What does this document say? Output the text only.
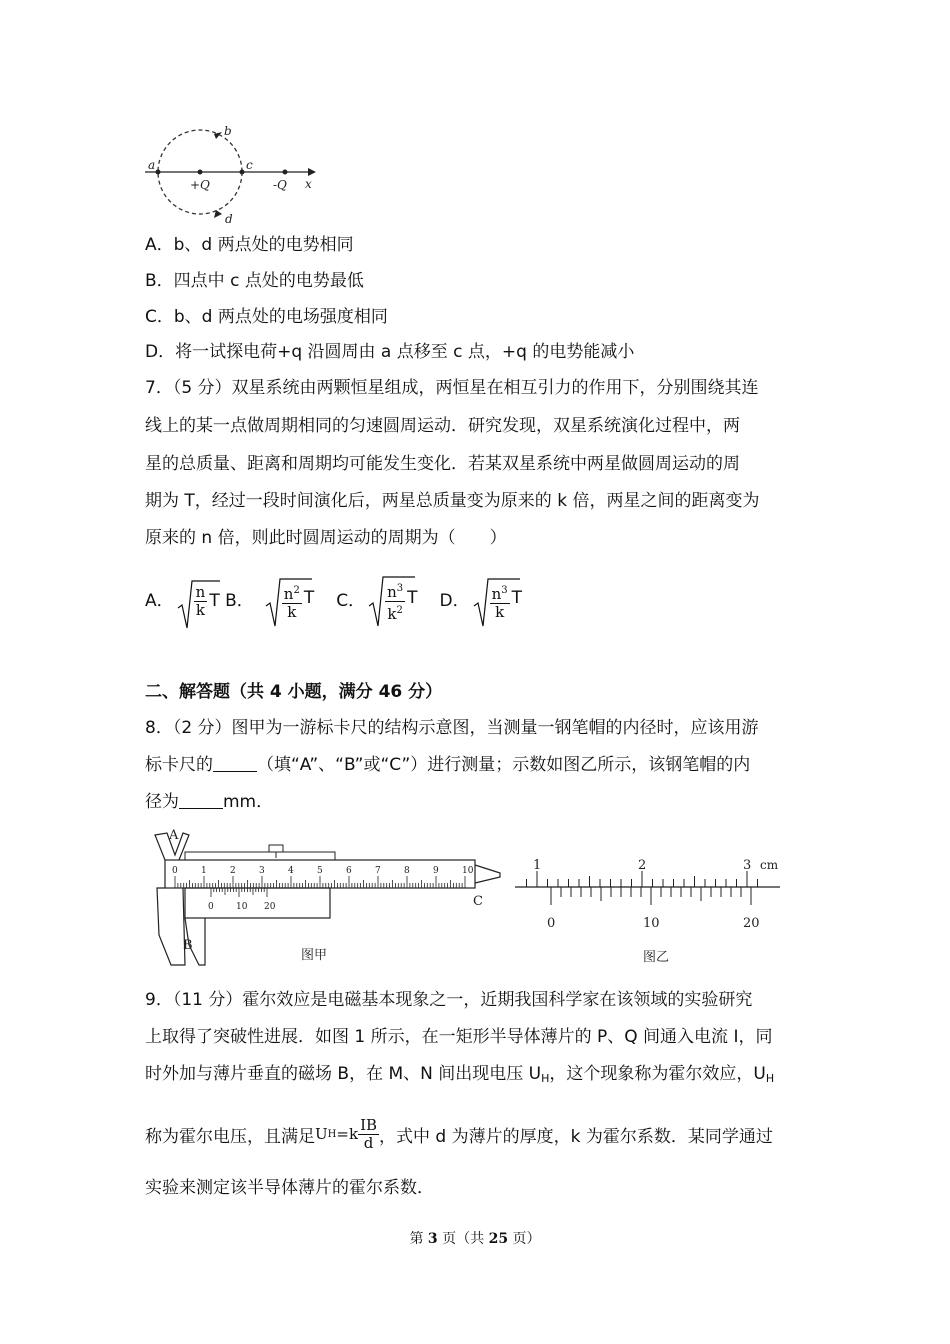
a
b
c
d
+Q	-Q x
A．b、d 两点处的电势相同
B．四点中 c 点处的电势最低
C．b、d 两点处的电场强度相同
D．将一试探电荷+q 沿圆周由 a 点移至 c 点，+q 的电势能减小
7．（5 分）双星系统由两颗恒星组成，两恒星在相互引力的作用下，分别围绕其连
线上的某一点做周期相同的匀速圆周运动．研究发现，双星系统演化过程中，两
星的总质量、距离和周期均可能发生变化．若某双星系统中两星做圆周运动的周
期为 T，经过一段时间演化后，两星总质量变为原来的 k 倍，两星之间的距离变为
原来的 n 倍，则此时圆周运动的周期为（　　）
A． $\frac{n}{k}$ T B． $\frac{n^2}{k}$ T C． $\frac{n^3}{k^2}$ T D． $\frac{n^3}{k}$ T
二、解答题（共 4 小题，满分 46 分）
8．（2 分）图甲为一游标卡尺的结构示意图，当测量一钢笔帽的内径时，应该用游
标卡尺的	（填“A”、“B”或“C”）进行测量；示数如图乙所示，该钢笔帽的内
径为	mm．
0	1	2	3	4	5	6	7	8	9	10
0 10 20
A
B
C
图甲
1	2	3
0	10	20
cm
图乙
9．（11 分）霍尔效应是电磁基本现象之一，近期我国科学家在该领域的实验研究
上取得了突破性进展．如图 1 所示，在一矩形半导体薄片的 P、Q 间通入电流 I，同
时外加与薄片垂直的磁场 B，在 M、N 间出现电压 $U_H$，这个现象称为霍尔效应，$U_H$
称为霍尔电压，且满足 U $H =k \frac{IB}{d}$ ，式中 d 为薄片的厚度，k 为霍尔系数．某同学通过
实验来测定该半导体薄片的霍尔系数．
第 3 页（共 25 页）
